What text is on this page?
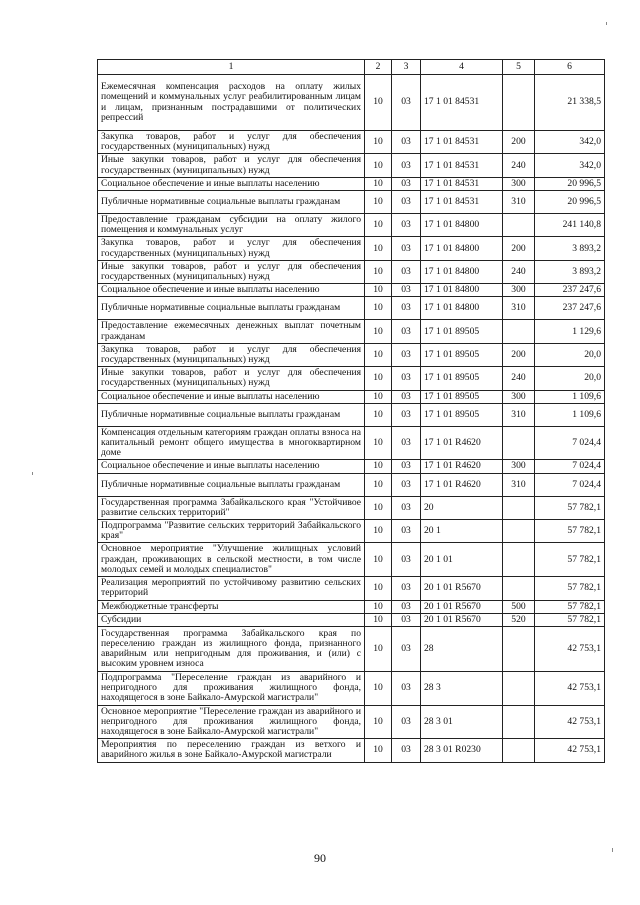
1	2	3	4	5	6
Ежемесячная компенсация расходов на оплату жилых помещений и коммунальных услуг реабилитированным лицам и лицам, признанным пострадавшими от политических репрессий	10	03	17 1 01 84531		21 338,5
Закупка товаров, работ и услуг для обеспечения государственных (муниципальных) нужд	10	03	17 1 01 84531	200	342,0
Иные закупки товаров, работ и услуг для обеспечения государственных (муниципальных) нужд	10	03	17 1 01 84531	240	342,0
Социальное обеспечение и иные выплаты населению	10	03	17 1 01 84531	300	20 996,5
Публичные нормативные социальные выплаты гражданам	10	03	17 1 01 84531	310	20 996,5
Предоставление гражданам субсидии на оплату жилого помещения и коммунальных услуг	10	03	17 1 01 84800		241 140,8
Закупка товаров, работ и услуг для обеспечения государственных (муниципальных) нужд	10	03	17 1 01 84800	200	3 893,2
Иные закупки товаров, работ и услуг для обеспечения государственных (муниципальных) нужд	10	03	17 1 01 84800	240	3 893,2
Социальное обеспечение и иные выплаты населению	10	03	17 1 01 84800	300	237 247,6
Публичные нормативные социальные выплаты гражданам	10	03	17 1 01 84800	310	237 247,6
Предоставление ежемесячных денежных выплат почетным гражданам	10	03	17 1 01 89505		1 129,6
Закупка товаров, работ и услуг для обеспечения государственных (муниципальных) нужд	10	03	17 1 01 89505	200	20,0
Иные закупки товаров, работ и услуг для обеспечения государственных (муниципальных) нужд	10	03	17 1 01 89505	240	20,0
Социальное обеспечение и иные выплаты населению	10	03	17 1 01 89505	300	1 109,6
Публичные нормативные социальные выплаты гражданам	10	03	17 1 01 89505	310	1 109,6
Компенсация отдельным категориям граждан оплаты взноса на капитальный ремонт общего имущества в многоквартирном доме	10	03	17 1 01 R4620		7 024,4
Социальное обеспечение и иные выплаты населению	10	03	17 1 01 R4620	300	7 024,4
Публичные нормативные социальные выплаты гражданам	10	03	17 1 01 R4620	310	7 024,4
Государственная программа Забайкальского края "Устойчивое развитие сельских территорий"	10	03	20		57 782,1
Подпрограмма "Развитие сельских территорий Забайкальского края"	10	03	20 1		57 782,1
Основное мероприятие "Улучшение жилищных условий граждан, проживающих в сельской местности, в том числе молодых семей и молодых специалистов"	10	03	20 1 01		57 782,1
Реализация мероприятий по устойчивому развитию сельских территорий	10	03	20 1 01 R5670		57 782,1
Межбюджетные трансферты	10	03	20 1 01 R5670	500	57 782,1
Субсидии	10	03	20 1 01 R5670	520	57 782,1
Государственная программа Забайкальского края по переселению граждан из жилищного фонда, признанного аварийным или непригодным для проживания, и (или) с высоким уровнем износа	10	03	28		42 753,1
Подпрограмма "Переселение граждан из аварийного и непригодного для проживания жилищного фонда, находящегося в зоне Байкало-Амурской магистрали"	10	03	28 3		42 753,1
Основное мероприятие "Переселение граждан из аварийного и непригодного для проживания жилищного фонда, находящегося в зоне Байкало-Амурской магистрали"	10	03	28 3 01		42 753,1
Мероприятия по переселению граждан из ветхого и аварийного жилья в зоне Байкало-Амурской магистрали	10	03	28 3 01 R0230		42 753,1
90
